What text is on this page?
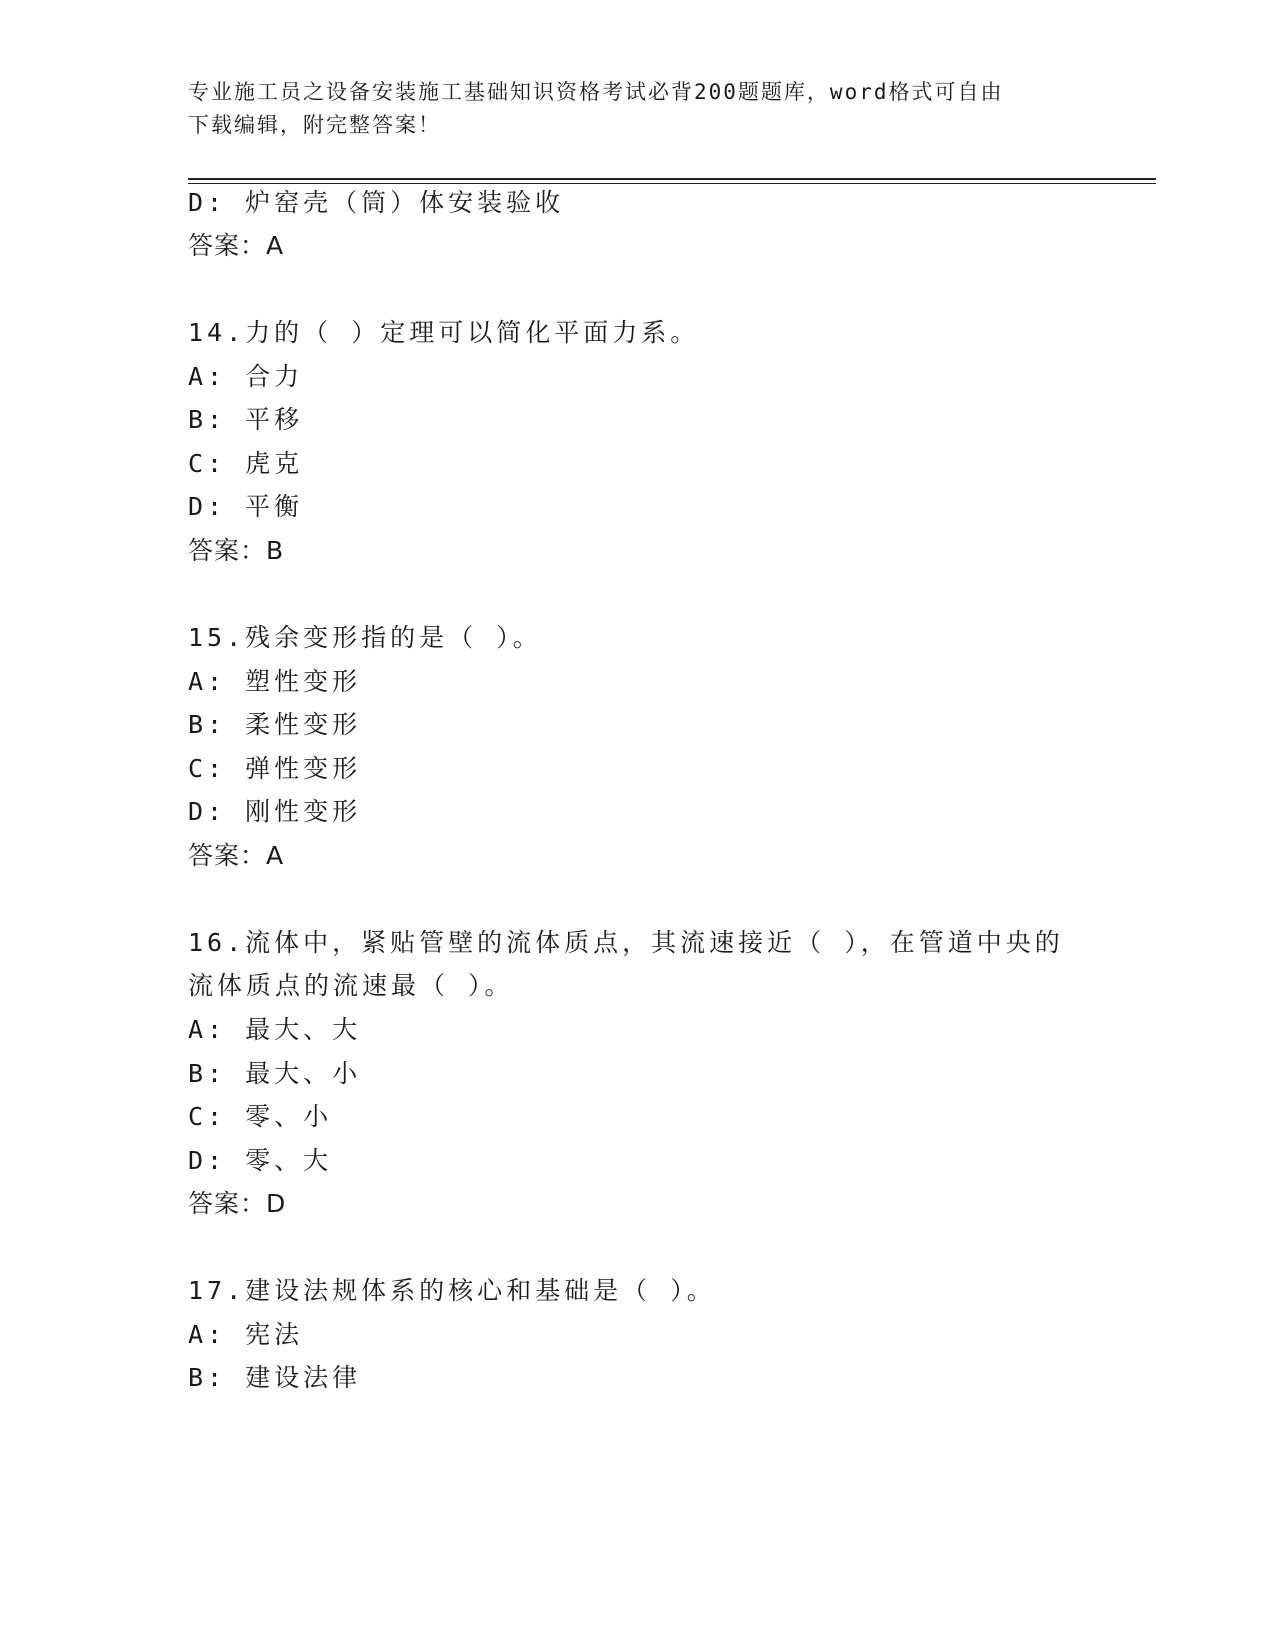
专业施工员之设备安装施工基础知识资格考试必背200题题库，word格式可自由
下载编辑，附完整答案！
D: 炉窑壳（筒）体安装验收
答案：A
14.力的（ ）定理可以简化平面力系。
A: 合力
B: 平移
C: 虎克
D: 平衡
答案：B
15.残余变形指的是（ ）。
A: 塑性变形
B: 柔性变形
C: 弹性变形
D: 刚性变形
答案：A
16.流体中，紧贴管壁的流体质点，其流速接近（ ），在管道中央的
流体质点的流速最（ ）。
A: 最大、大
B: 最大、小
C: 零、小
D: 零、大
答案：D
17.建设法规体系的核心和基础是（ ）。
A: 宪法
B: 建设法律
